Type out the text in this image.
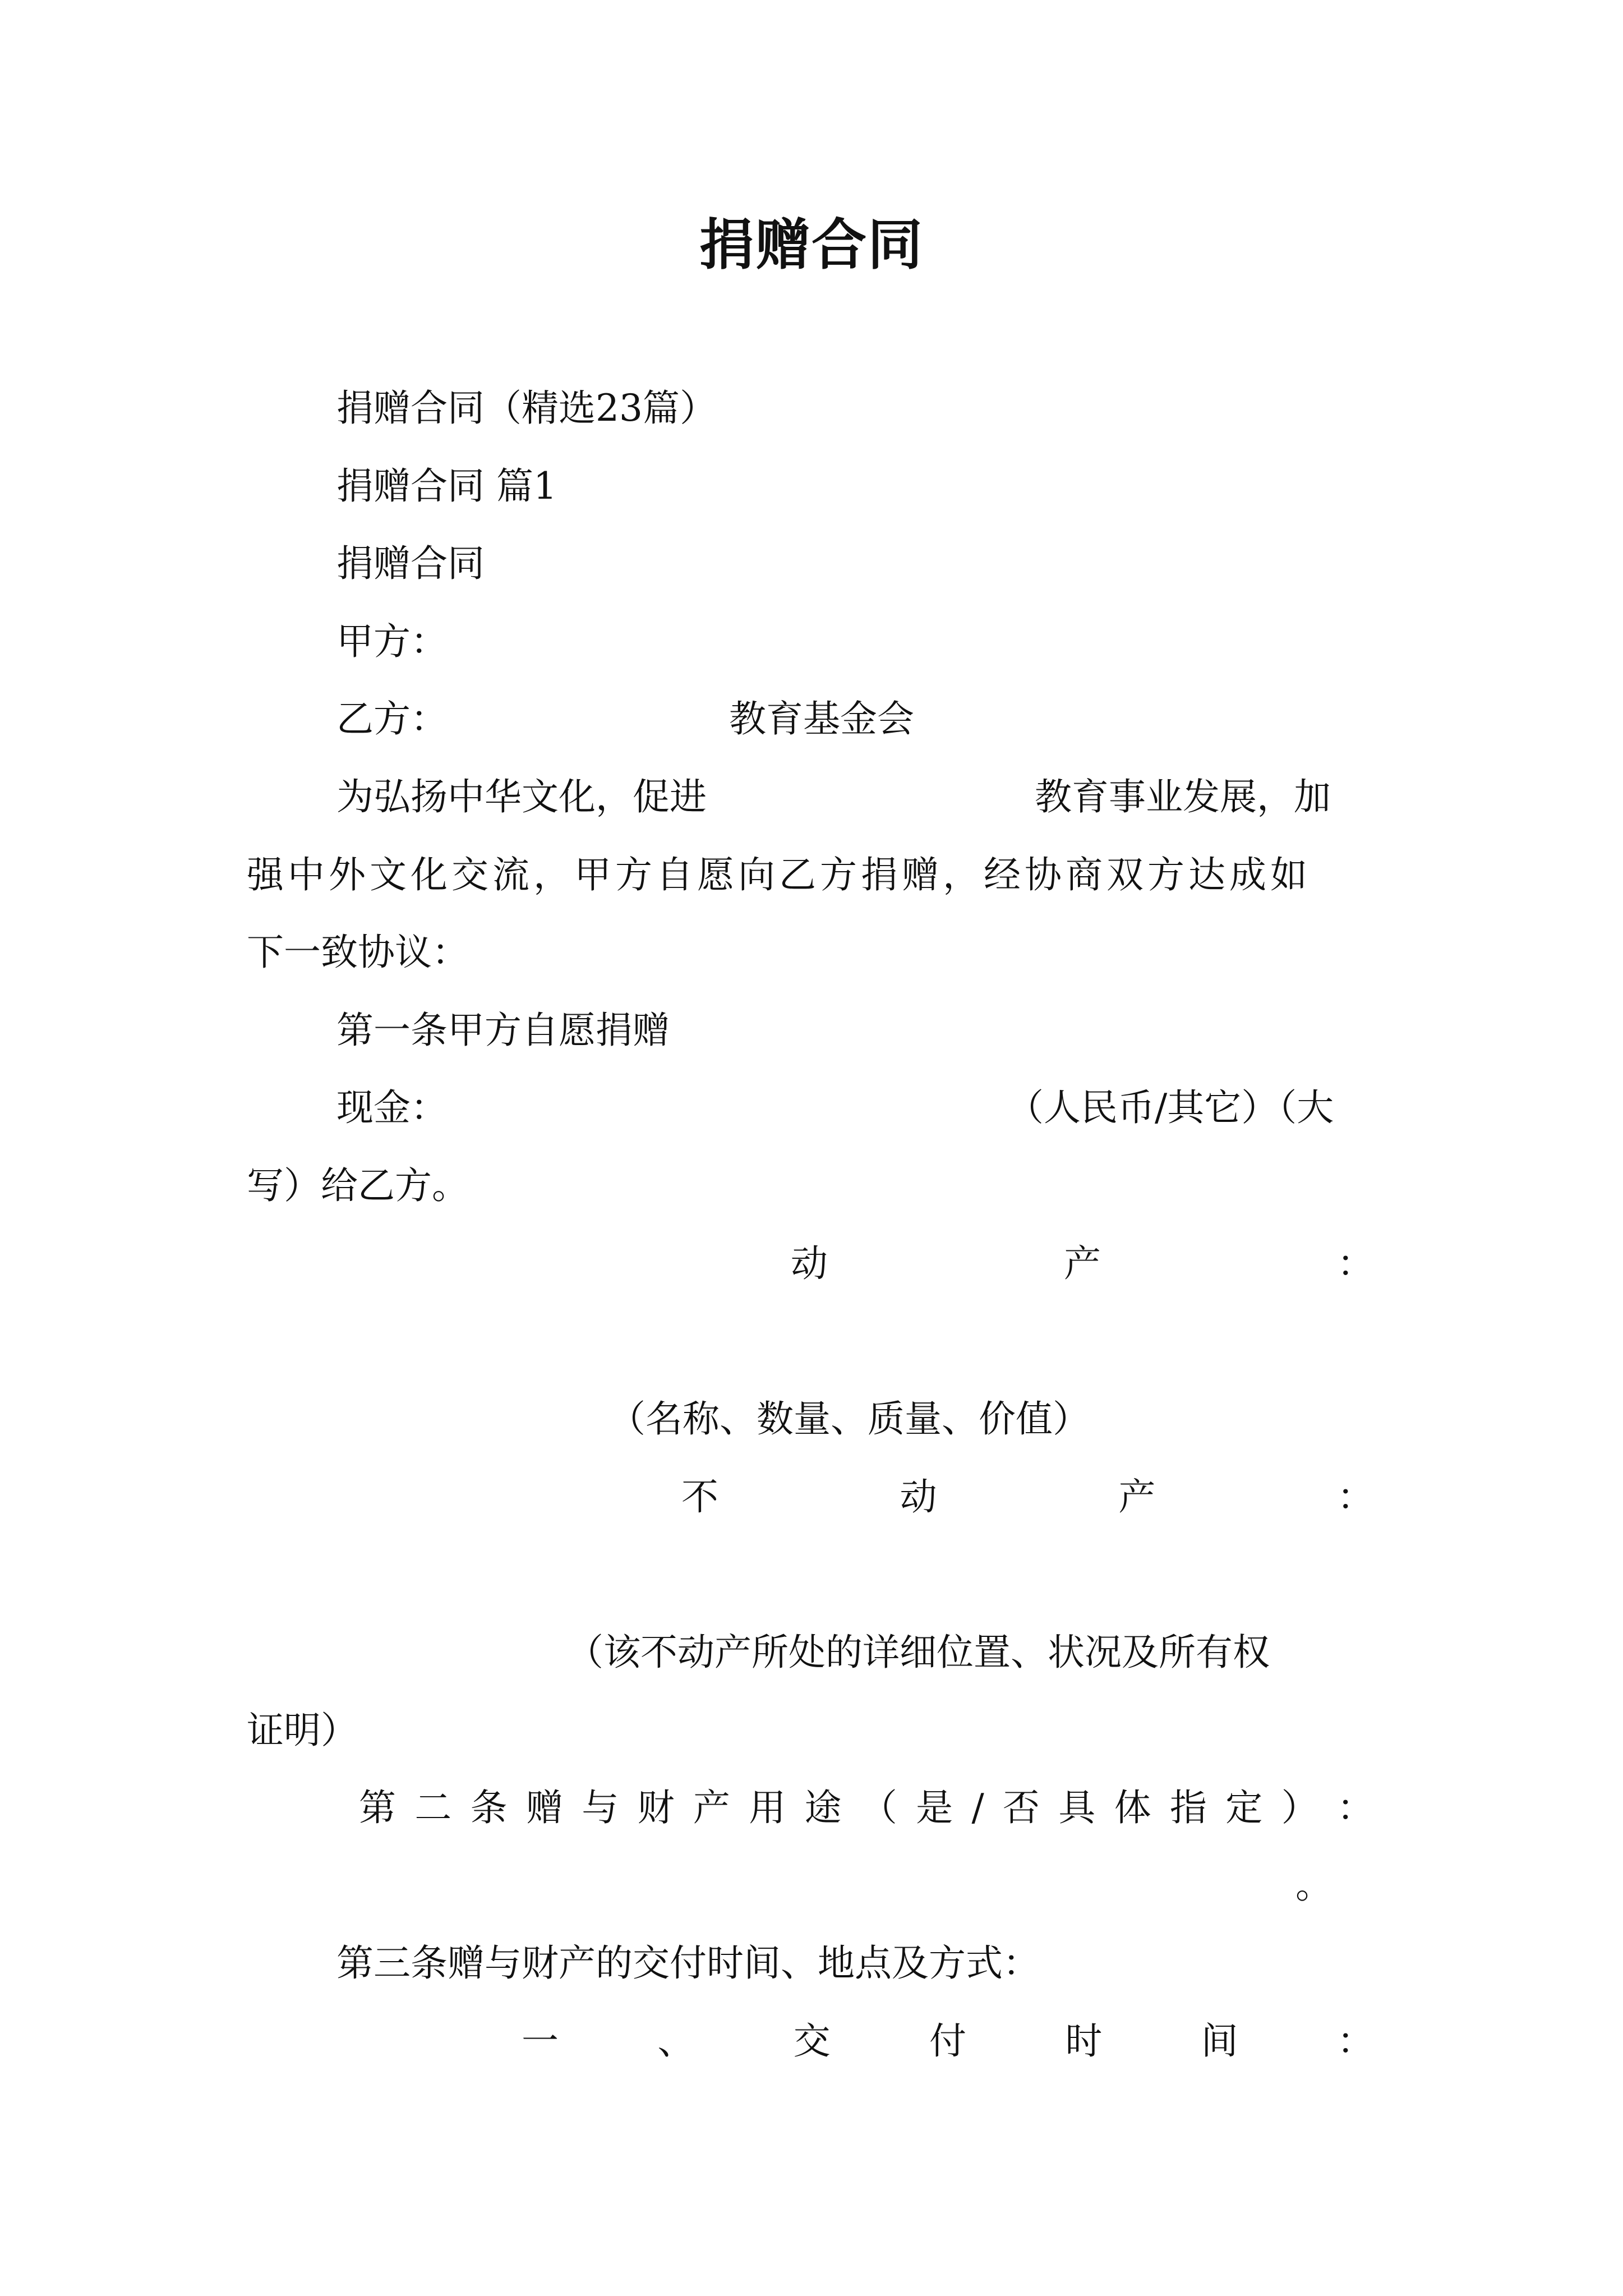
捐赠合同
捐赠合同（精选23篇）
捐赠合同 篇1
捐赠合同
甲方：
乙方：	教育基金会
为弘扬中华文化，促进	教育事业发展，加
强中外文化交流，甲方自愿向乙方捐赠，经协商双方达成如
下一致协议：
第一条甲方自愿捐赠
现金：	（人民币/其它）（大
写）给乙方。
动	产	：
（名称、数量、质量、价值）
不	动	产	：
（该不动产所处的详细位置、状况及所有权
证明）
第 二 条 赠 与 财 产 用 途 （ 是 / 否 具 体 指 定 ） ：
。
第三条赠与财产的交付时间、地点及方式：
一	、	交	付	时	间	：
